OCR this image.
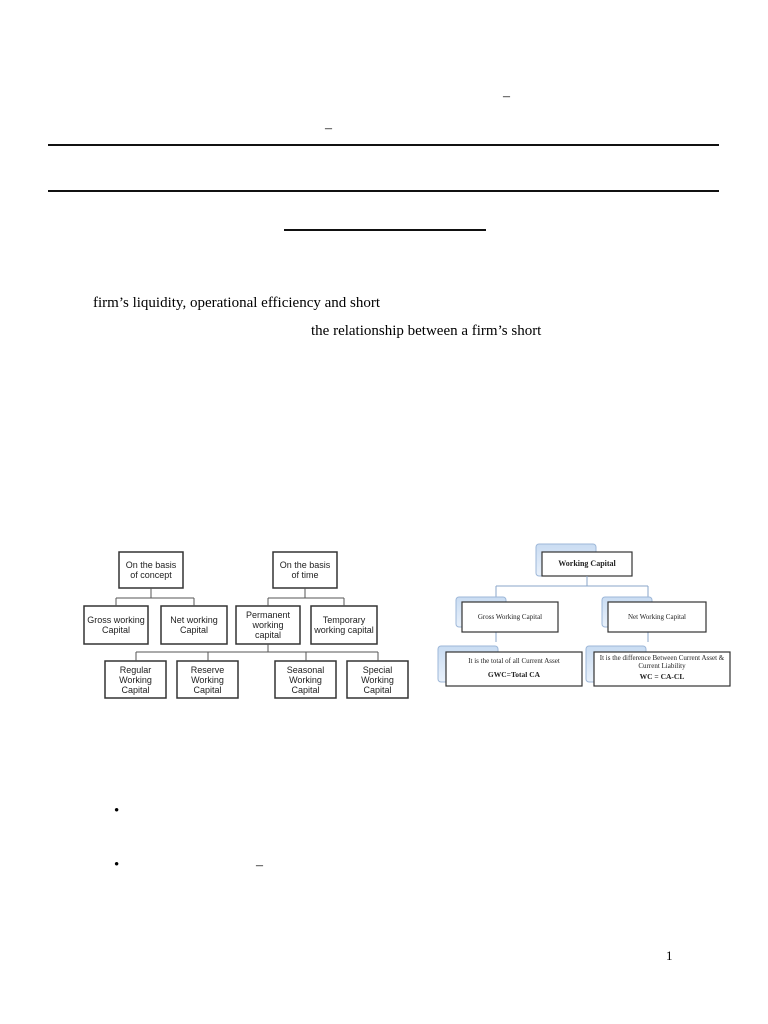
–
–
firm’s liquidity, operational efficiency and short
the relationship between a firm’s short
On the basis of concept
On the basis of time
Gross working Capital
Net working Capital
Permanent working capital
Temporary working capital
Regular Working Capital
Reserve Working Capital
Seasonal Working Capital
Special Working Capital
Working Capital
Gross Working Capital	Net Working Capital
It is the total of all Current Asset
GWC=Total CA
It is the difference Between Current Asset & Current Liability
WC = CA-CL
•
•	–
1
